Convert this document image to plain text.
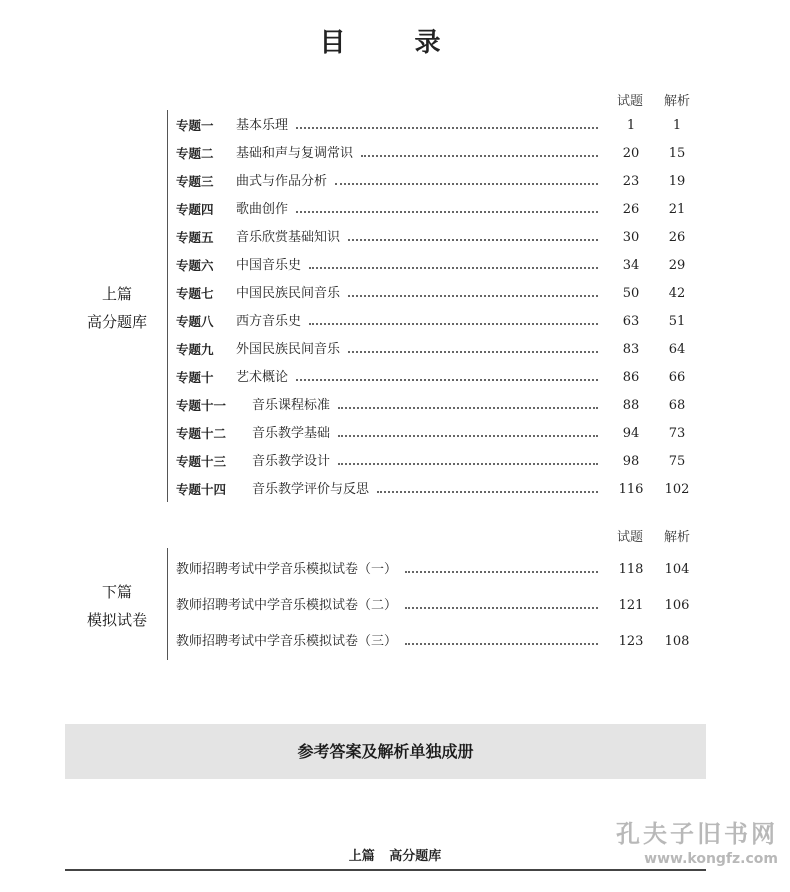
目 录
试题 解析
上篇
高分题库
专题一 基本乐理	1	1
专题二 基础和声与复调常识	20	15
专题三 曲式与作品分析	23	19
专题四 歌曲创作	26	21
专题五 音乐欣赏基础知识	30	26
专题六 中国音乐史	34	29
专题七 中国民族民间音乐	50	42
专题八 西方音乐史	63	51
专题九 外国民族民间音乐	83	64
专题十 艺术概论	86	66
专题十一 音乐课程标准	88	68
专题十二 音乐教学基础	94	73
专题十三 音乐教学设计	98	75
专题十四 音乐教学评价与反思	116	102
试题 解析
下篇
模拟试卷
教师招聘考试中学音乐模拟试卷（一）	118	104
教师招聘考试中学音乐模拟试卷（二）	121	106
教师招聘考试中学音乐模拟试卷（三）	123	108
参考答案及解析单独成册
上篇 高分题库
孔夫子旧书网
www.kongfz.com
